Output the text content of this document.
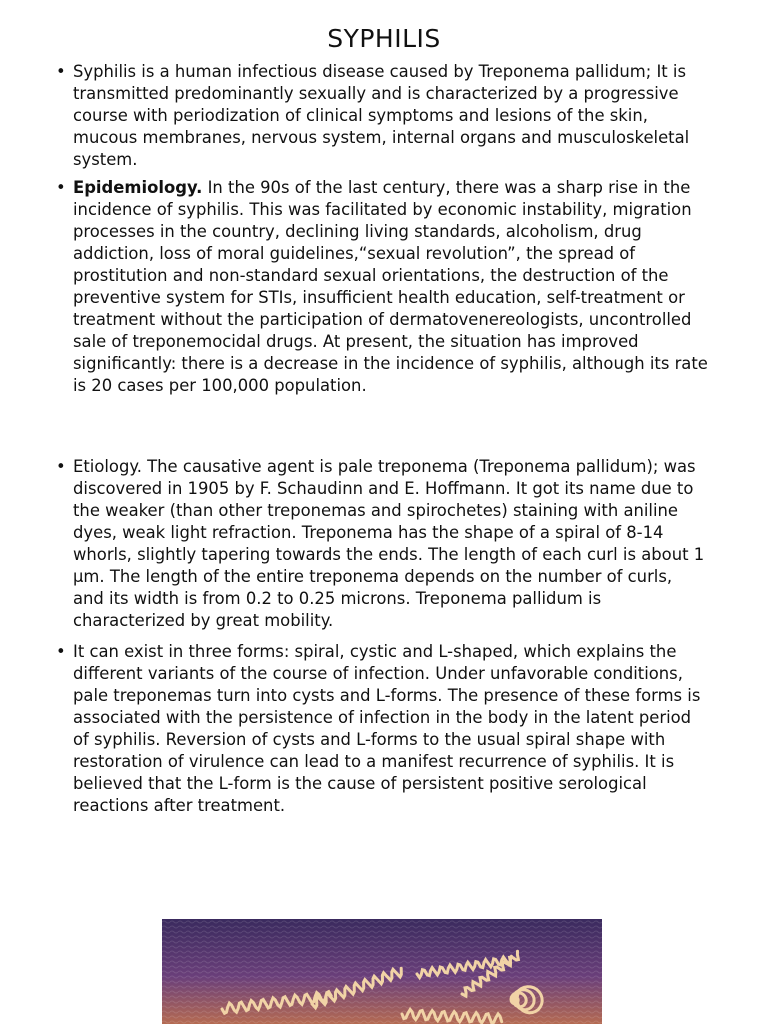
SYPHILIS
• Syphilis is a human infectious disease caused by Treponema pallidum; It is transmitted predominantly sexually and is characterized by a progressive course with periodization of clinical symptoms and lesions of the skin, mucous membranes, nervous system, internal organs and musculoskeletal system.
• Epidemiology. In the 90s of the last century, there was a sharp rise in the incidence of syphilis. This was facilitated by economic instability, migration processes in the country, declining living standards, alcoholism, drug addiction, loss of moral guidelines,“sexual revolution”, the spread of prostitution and non-standard sexual orientations, the destruction of the preventive system for STIs, insufficient health education, self-treatment or treatment without the participation of dermatovenereologists, uncontrolled sale of treponemocidal drugs. At present, the situation has improved significantly: there is a decrease in the incidence of syphilis, although its rate is 20 cases per 100,000 population.
• Etiology. The causative agent is pale treponema (Treponema pallidum); was discovered in 1905 by F. Schaudinn and E. Hoffmann. It got its name due to the weaker (than other treponemas and spirochetes) staining with aniline dyes, weak light refraction. Treponema has the shape of a spiral of 8-14 whorls, slightly tapering towards the ends. The length of each curl is about 1 µm. The length of the entire treponema depends on the number of curls, and its width is from 0.2 to 0.25 microns. Treponema pallidum is characterized by great mobility.
• It can exist in three forms: spiral, cystic and L-shaped, which explains the different variants of the course of infection. Under unfavorable conditions, pale treponemas turn into cysts and L-forms. The presence of these forms is associated with the persistence of infection in the body in the latent period of syphilis. Reversion of cysts and L-forms to the usual spiral shape with restoration of virulence can lead to a manifest recurrence of syphilis. It is believed that the L-form is the cause of persistent positive serological reactions after treatment.
